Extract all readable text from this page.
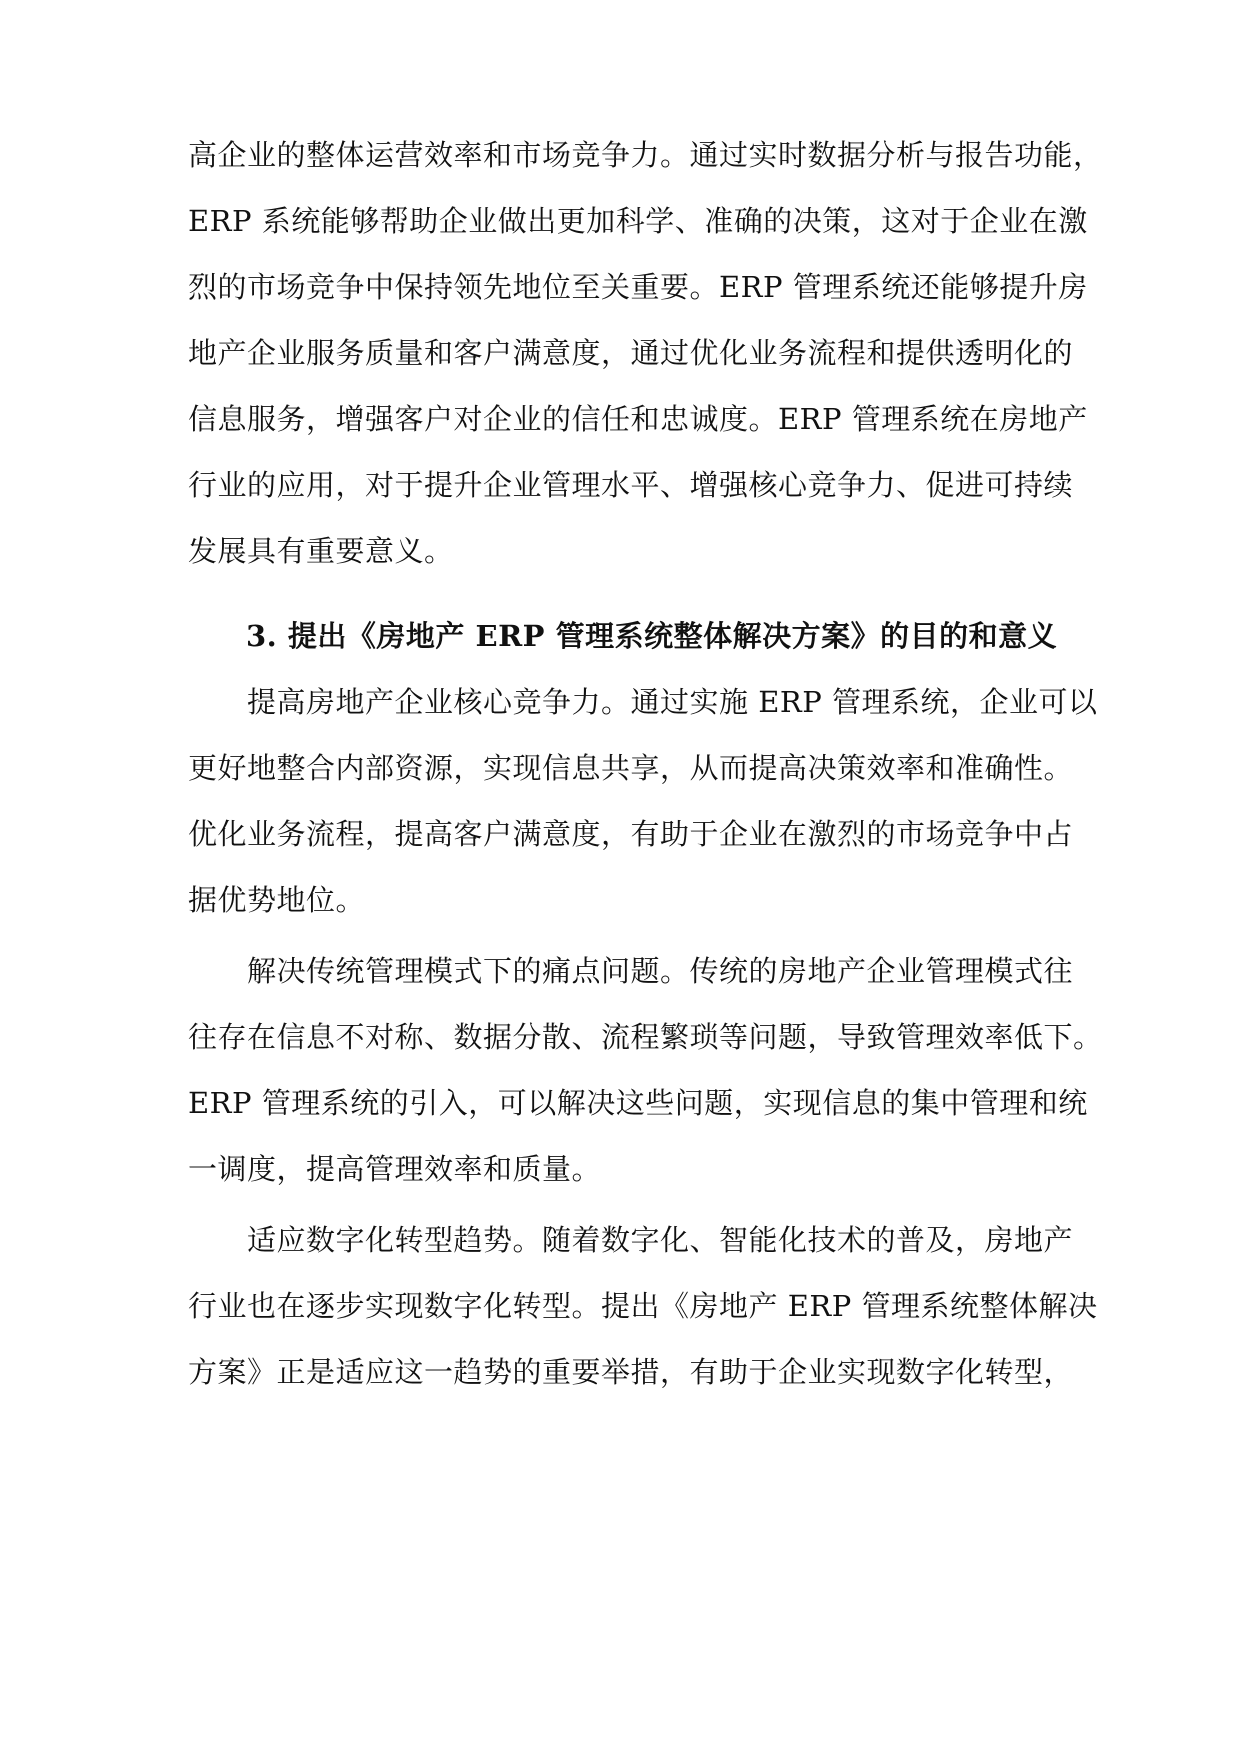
高企业的整体运营效率和市场竞争力。通过实时数据分析与报告功能，
ERP 系统能够帮助企业做出更加科学、准确的决策，这对于企业在激
烈的市场竞争中保持领先地位至关重要。ERP 管理系统还能够提升房
地产企业服务质量和客户满意度，通过优化业务流程和提供透明化的
信息服务，增强客户对企业的信任和忠诚度。ERP 管理系统在房地产
行业的应用，对于提升企业管理水平、增强核心竞争力、促进可持续
发展具有重要意义。
3. 提出《房地产 ERP 管理系统整体解决方案》的目的和意义
　　提高房地产企业核心竞争力。通过实施 ERP 管理系统，企业可以
更好地整合内部资源，实现信息共享，从而提高决策效率和准确性。
优化业务流程，提高客户满意度，有助于企业在激烈的市场竞争中占
据优势地位。
　　解决传统管理模式下的痛点问题。传统的房地产企业管理模式往
往存在信息不对称、数据分散、流程繁琐等问题，导致管理效率低下。
ERP 管理系统的引入，可以解决这些问题，实现信息的集中管理和统
一调度，提高管理效率和质量。
　　适应数字化转型趋势。随着数字化、智能化技术的普及，房地产
行业也在逐步实现数字化转型。提出《房地产 ERP 管理系统整体解决
方案》正是适应这一趋势的重要举措，有助于企业实现数字化转型，
